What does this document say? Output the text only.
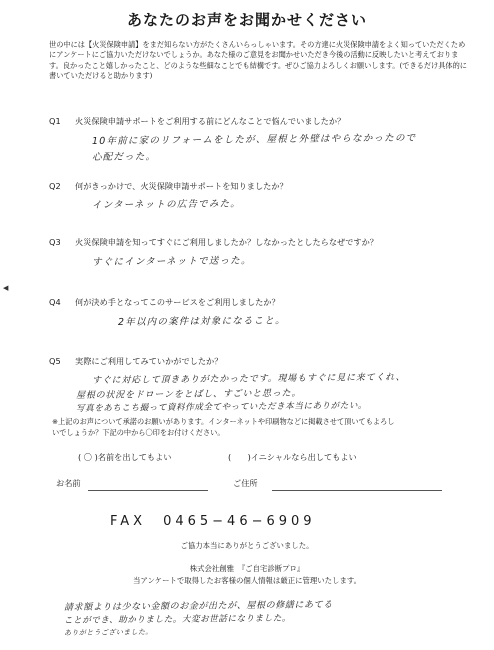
あなたのお声をお聞かせください
世の中には【火災保険申請】をまだ知らない方がたくさんいらっしゃいます。その方達に火災保険申請をよく知っていただくためにアンケートにご協力いただけないでしょうか。あなた様のご意見をお聞かせいただき今後の活動に反映したいと考えております。良かったこと嬉しかったこと、どのような些細なことでも結構です。ぜひご協力よろしくお願いします。(できるだけ具体的に書いていただけると助かります)
◀
Q1 火災保険申請サポートをご利用する前にどんなことで悩んでいましたか？
10年前に家のリフォームをしたが、屋根と外壁はやらなかったので
心配だった。
Q2 何がきっかけで、火災保険申請サポートを知りましたか？
インターネットの広告でみた。
Q3 火災保険申請を知ってすぐにご利用しましたか？しなかったとしたらなぜですか？
すぐにインターネットで送った。
Q4 何が決め手となってこのサービスをご利用しましたか？
2年以内の案件は対象になること。
Q5 実際にご利用してみていかがでしたか？
すぐに対応して頂きありがたかったです。現場もすぐに見に来てくれ、
屋根の状況をドローンをとばし、すごいと思った。
写真をあちこち撮って資料作成全てやっていただき本当にありがたい。
※上記のお声について承諾のお願いがあります。インターネットや印刷物などに掲載させて頂いてもよろし
いでしょうか？下記の中から〇印をお付けください。
( 〇 )名前を出してもよい	(　　)イニシャルなら出してもよい
お名前	ご住所
FAX　0465−46−6909
ご協力本当にありがとうございました。
株式会社創雅　『ご自宅診断プロ』
当アンケートで取得したお客様の個人情報は厳正に管理いたします。
請求額よりは少ない金額のお金が出たが、屋根の修繕にあてる
ことができ、助かりました。大変お世話になりました。
ありがとうございました。
